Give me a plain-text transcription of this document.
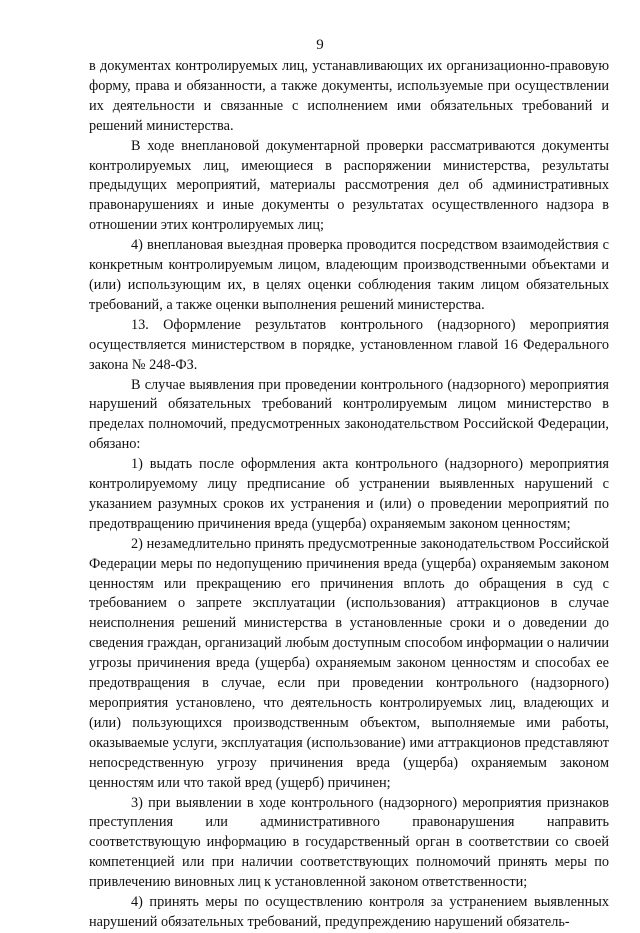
9

в документах контролируемых лиц, устанавливающих их организационно-правовую форму, права и обязанности, а также документы, используемые при осуществлении их деятельности и связанные с исполнением ими обязательных требований и решений министерства.

В ходе внеплановой документарной проверки рассматриваются документы контролируемых лиц, имеющиеся в распоряжении министерства, результаты предыдущих мероприятий, материалы рассмотрения дел об административных правонарушениях и иные документы о результатах осуществленного надзора в отношении этих контролируемых лиц;

4) внеплановая выездная проверка проводится посредством взаимодействия с конкретным контролируемым лицом, владеющим производственными объектами и (или) использующим их, в целях оценки соблюдения таким лицом обязательных требований, а также оценки выполнения решений министерства.

13. Оформление результатов контрольного (надзорного) мероприятия осуществляется министерством в порядке, установленном главой 16 Федерального закона № 248-ФЗ.

В случае выявления при проведении контрольного (надзорного) мероприятия нарушений обязательных требований контролируемым лицом министерство в пределах полномочий, предусмотренных законодательством Российской Федерации, обязано:

1) выдать после оформления акта контрольного (надзорного) мероприятия контролируемому лицу предписание об устранении выявленных нарушений с указанием разумных сроков их устранения и (или) о проведении мероприятий по предотвращению причинения вреда (ущерба) охраняемым законом ценностям;

2) незамедлительно принять предусмотренные законодательством Российской Федерации меры по недопущению причинения вреда (ущерба) охраняемым законом ценностям или прекращению его причинения вплоть до обращения в суд с требованием о запрете эксплуатации (использования) аттракционов в случае неисполнения решений министерства в установленные сроки и о доведении до сведения граждан, организаций любым доступным способом информации о наличии угрозы причинения вреда (ущерба) охраняемым законом ценностям и способах ее предотвращения в случае, если при проведении контрольного (надзорного) мероприятия установлено, что деятельность контролируемых лиц, владеющих и (или) пользующихся производственным объектом, выполняемые ими работы, оказываемые услуги, эксплуатация (использование) ими аттракционов представляют непосредственную угрозу причинения вреда (ущерба) охраняемым законом ценностям или что такой вред (ущерб) причинен;

3) при выявлении в ходе контрольного (надзорного) мероприятия признаков преступления или административного правонарушения направить соответствующую информацию в государственный орган в соответствии со своей компетенцией или при наличии соответствующих полномочий принять меры по привлечению виновных лиц к установленной законом ответственности;

4) принять меры по осуществлению контроля за устранением выявленных нарушений обязательных требований, предупреждению нарушений обязатель-
